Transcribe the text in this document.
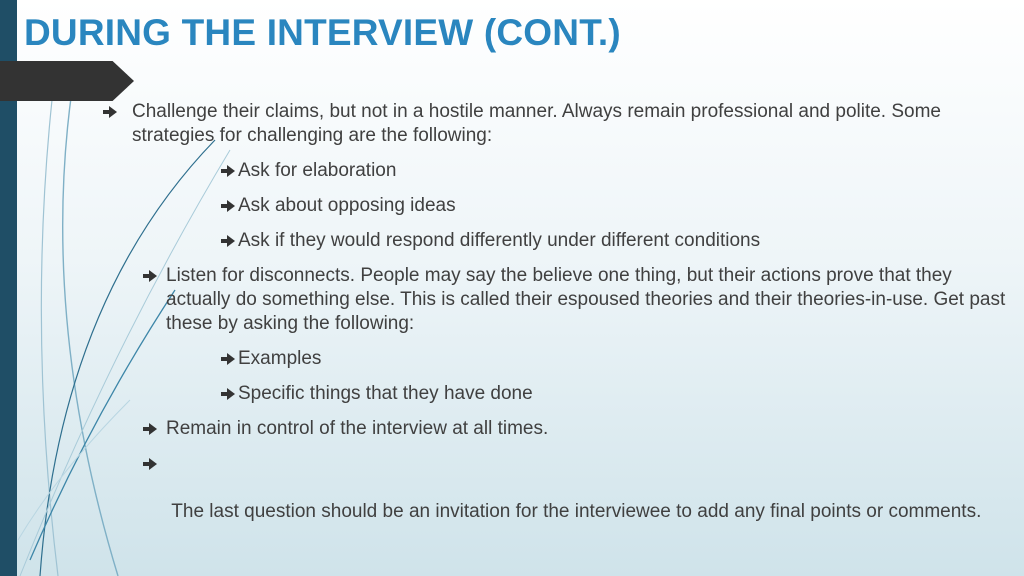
DURING THE INTERVIEW (CONT.)
Challenge their claims, but not in a hostile manner. Always remain professional and polite. Some strategies for challenging are the following:
Ask for elaboration
Ask about opposing ideas
Ask if they would respond differently under different conditions
Listen for disconnects. People may say the believe one thing, but their actions prove that they actually do something else. This is called their espoused theories and their theories-in-use. Get past these by asking the following:
Examples
Specific things that they have done
Remain in control of the interview at all times.

The last question should be an invitation for the interviewee to add any final points or comments.
